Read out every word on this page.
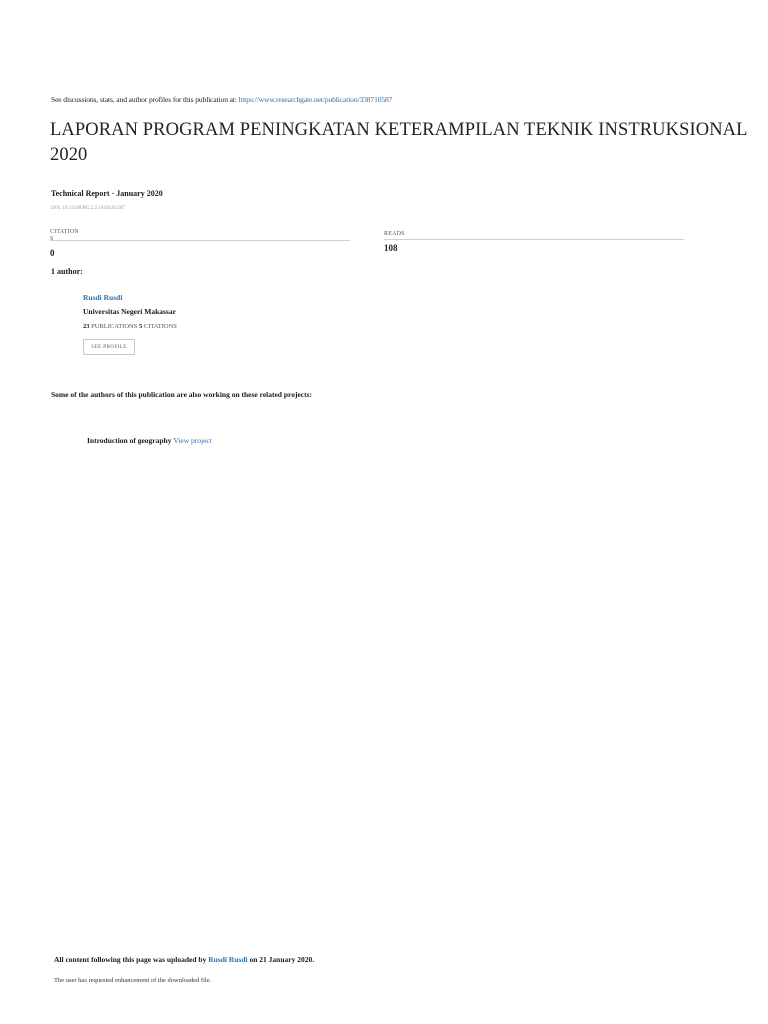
See discussions, stats, and author profiles for this publication at: https://www.researchgate.net/publication/338710587
LAPORAN PROGRAM PENINGKATAN KETERAMPILAN TEKNIK INSTRUKSIONAL 2020
Technical Report · January 2020
DOI: 10.13140/RG.2.2.16436.81287
CITATION
S
0
READS
108
1 author:
Rusdi Rusdi
Universitas Negeri Makassar
23 PUBLICATIONS 5 CITATIONS
SEE PROFILE
Some of the authors of this publication are also working on these related projects:
Introduction of geography View project
All content following this page was uploaded by Rusdi Rusdi on 21 January 2020.
The user has requested enhancement of the downloaded file.
